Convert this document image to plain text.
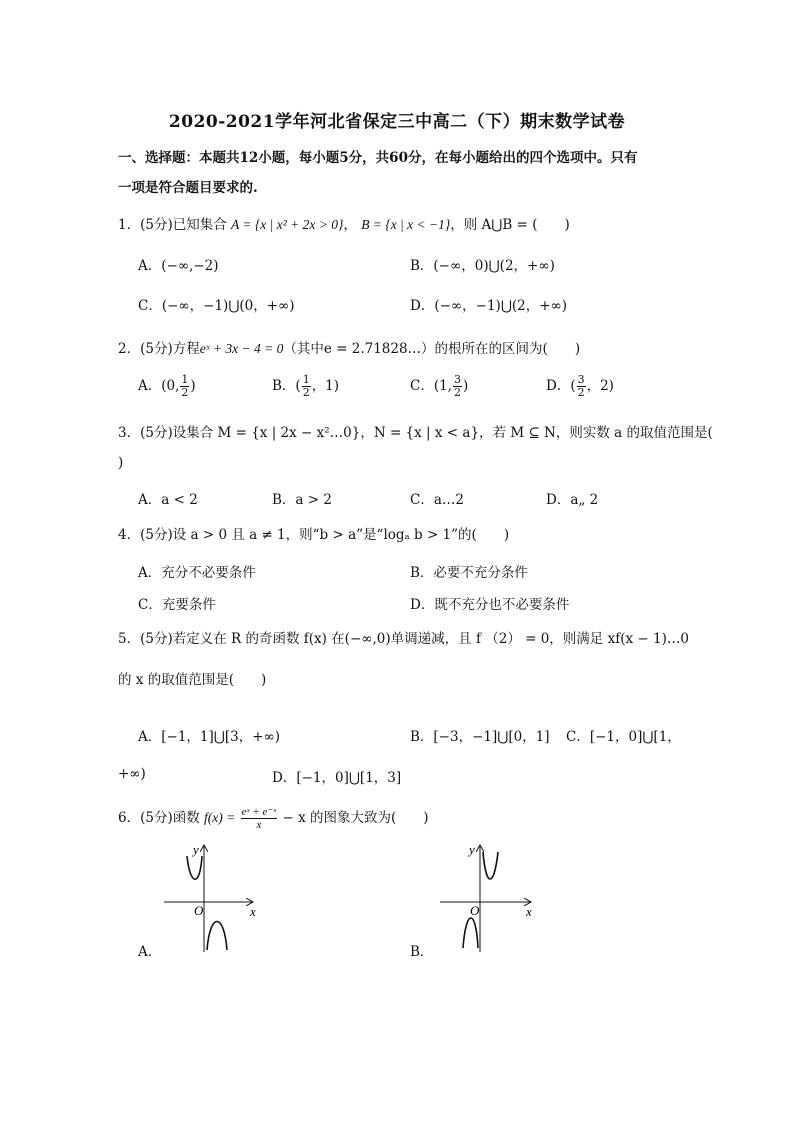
2020-2021学年河北省保定三中高二（下）期末数学试卷
一、选择题：本题共12小题，每小题5分，共60分，在每小题给出的四个选项中。只有
一项是符合题目要求的.
1．(5分)已知集合 A = {x | x² + 2x > 0}， B = {x | x < −1}，则 A⋃B = (　　)
A．(−∞,−2)	B．(−∞，0)⋃(2，+∞)
C．(−∞，−1)⋃(0，+∞)	D．(−∞，−1)⋃(2，+∞)
2．(5分)方程eˣ + 3x − 4 = 0（其中e = 2.71828…）的根所在的区间为(　　)
A．(0, $\frac{1}{2}$ )	B．( $\frac{1}{2}$ ，1)	C．(1, $\frac{3}{2}$ )	D．( $\frac{3}{2}$ ，2)
3．(5分)设集合 M = {x | 2x − x²…0}，N = {x | x < a}，若 M ⊆ N，则实数 a 的取值范围是(
)
A．a < 2	B．a > 2	C．a…2	D．a„ 2
4．(5分)设 a > 0 且 a ≠ 1，则“b > a”是“logₐ b > 1”的(　　)
A．充分不必要条件	B．必要不充分条件
C．充要条件	D．既不充分也不必要条件
5．(5分)若定义在 R 的奇函数 f(x) 在(−∞,0)单调递减，且 f （2） = 0，则满足 xf(x − 1)…0
的 x 的取值范围是(　　)
A．[−1，1]⋃[3，+∞)	B．[−3，−1]⋃[0，1] C．[−1，0]⋃[1，
+∞)	D．[−1，0]⋃[1，3]
6．(5分)函数 $f(x) = \frac{\text{eˣ + e⁻ˣ}}{x} - x$ 的图象大致为(　　)
A．
x
y
O
B．
x
y
O
